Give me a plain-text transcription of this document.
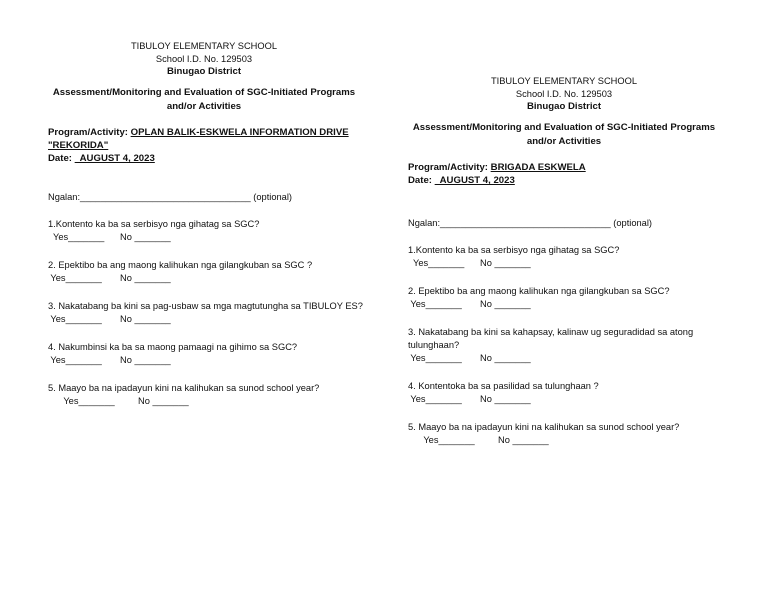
TIBULOY ELEMENTARY SCHOOL
School I.D. No. 129503
Binugao District
Assessment/Monitoring and Evaluation of SGC-Initiated Programs
and/or Activities
Program/Activity: OPLAN BALIK-ESKWELA INFORMATION DRIVE
"REKORIDA"
Date:   AUGUST 4, 2023
Ngalan:_________________________________ (optional)
1.Kontento ka ba sa serbisyo nga gihatag sa SGC?
Yes_______ No _______
2. Epektibo ba ang maong kalihukan nga gilangkuban sa SGC ?
Yes_______ No _______
3. Nakatabang ba kini sa pag-usbaw sa mga magtutungha sa TIBULOY ES?
Yes_______ No _______
4. Nakumbinsi ka ba sa maong pamaagi na gihimo sa SGC?
Yes_______ No _______
5. Maayo ba na ipadayun kini na kalihukan sa sunod school year?
Yes_______	No _______
TIBULOY ELEMENTARY SCHOOL
School I.D. No. 129503
Binugao District
Assessment/Monitoring and Evaluation of SGC-Initiated Programs
and/or Activities
Program/Activity: BRIGADA ESKWELA
Date:   AUGUST 4, 2023
Ngalan:_________________________________ (optional)
1.Kontento ka ba sa serbisyo nga gihatag sa SGC?
Yes_______ No _______
2. Epektibo ba ang maong kalihukan nga gilangkuban sa SGC?
Yes_______ No _______
3. Nakatabang ba kini sa kahapsay, kalinaw ug seguradidad sa atong
tulunghaan?
Yes_______ No _______
4. Kontentoka ba sa pasilidad sa tulunghaan ?
Yes_______ No _______
5. Maayo ba na ipadayun kini na kalihukan sa sunod school year?
Yes_______	No _______
